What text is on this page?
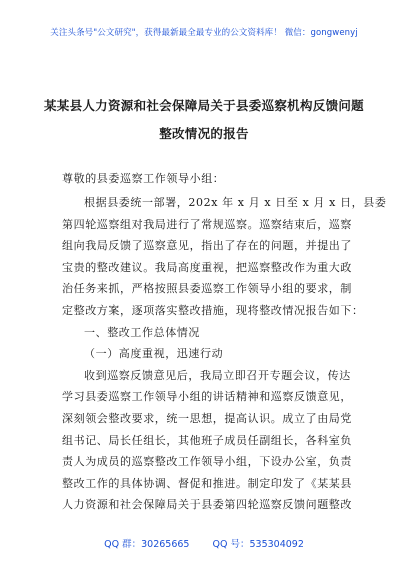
关注头条号"公文研究"，获得最新最全最专业的公文资料库！ 微信：gongwenyj
某某县人力资源和社会保障局关于县委巡察机构反馈问题
整改情况的报告
尊敬的县委巡察工作领导小组：
根据县委统一部署，202x 年 x 月 x 日至 x 月 x 日，县委
第四轮巡察组对我局进行了常规巡察。巡察结束后，巡察
组向我局反馈了巡察意见，指出了存在的问题，并提出了
宝贵的整改建议。我局高度重视，把巡察整改作为重大政
治任务来抓，严格按照县委巡察工作领导小组的要求，制
定整改方案，逐项落实整改措施，现将整改情况报告如下：
一、整改工作总体情况
（一）高度重视，迅速行动
收到巡察反馈意见后，我局立即召开专题会议，传达
学习县委巡察工作领导小组的讲话精神和巡察反馈意见，
深刻领会整改要求，统一思想，提高认识。成立了由局党
组书记、局长任组长，其他班子成员任副组长，各科室负
责人为成员的巡察整改工作领导小组，下设办公室，负责
整改工作的具体协调、督促和推进。制定印发了《某某县
人力资源和社会保障局关于县委第四轮巡察反馈问题整改
QQ 群：30265665 QQ 号：535304092
